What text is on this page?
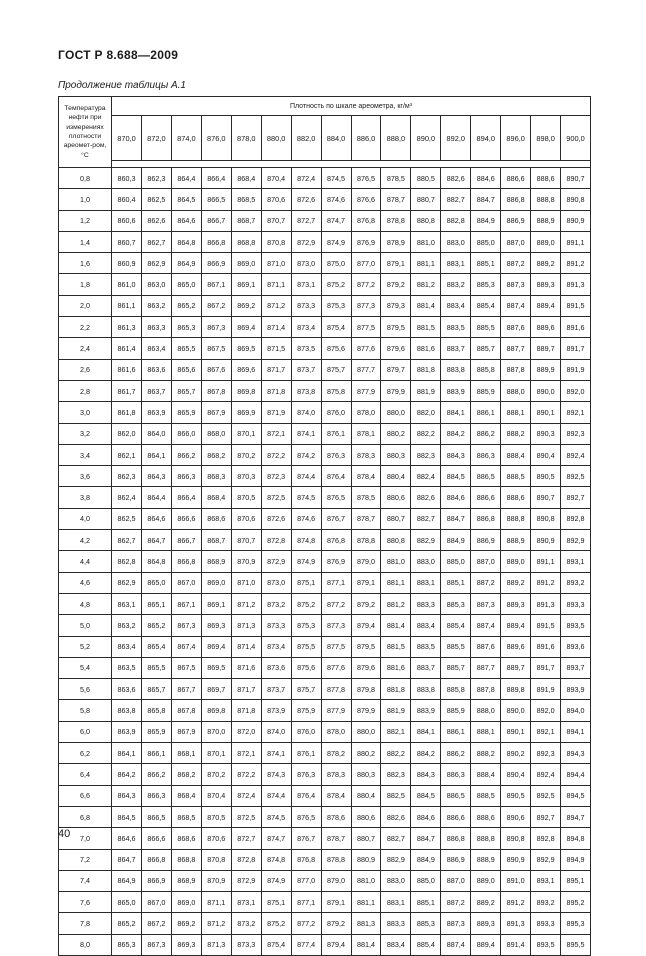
ГОСТ Р 8.688—2009
Продолжение таблицы А.1
Температура нефти при измерениях плотности ареомет-ром, °С	Плотность по шкале ареометра, кг/м³															
	870,0	872,0	874,0	876,0	878,0	880,0	882,0	884,0	886,0	888,0	890,0	892,0	894,0	896,0	898,0	900,0

0,8	860,3	862,3	864,4	866,4	868,4	870,4	872,4	874,5	876,5	878,5	880,5	882,6	884,6	886,6	888,6	890,7
1,0	860,4	862,5	864,5	866,5	868,5	870,6	872,6	874,6	876,6	878,7	880,7	882,7	884,7	886,8	888,8	890,8
1,2	860,6	862,6	864,6	866,7	868,7	870,7	872,7	874,7	876,8	878,8	880,8	882,8	884,9	886,9	888,9	890,9
1,4	860,7	862,7	864,8	866,8	868,8	870,8	872,9	874,9	876,9	878,9	881,0	883,0	885,0	887,0	889,0	891,1
1,6	860,9	862,9	864,9	866,9	869,0	871,0	873,0	875,0	877,0	879,1	881,1	883,1	885,1	887,2	889,2	891,2
1,8	861,0	863,0	865,0	867,1	869,1	871,1	873,1	875,2	877,2	879,2	881,2	883,2	885,3	887,3	889,3	891,3
2,0	861,1	863,2	865,2	867,2	869,2	871,2	873,3	875,3	877,3	879,3	881,4	883,4	885,4	887,4	889,4	891,5
2,2	861,3	863,3	865,3	867,3	869,4	871,4	873,4	875,4	877,5	879,5	881,5	883,5	885,5	887,6	889,6	891,6
2,4	861,4	863,4	865,5	867,5	869,5	871,5	873,5	875,6	877,6	879,6	881,6	883,7	885,7	887,7	889,7	891,7
2,6	861,6	863,6	865,6	867,6	869,6	871,7	873,7	875,7	877,7	879,7	881,8	883,8	885,8	887,8	889,9	891,9
2,8	861,7	863,7	865,7	867,8	869,8	871,8	873,8	875,8	877,9	879,9	881,9	883,9	885,9	888,0	890,0	892,0
3,0	861,8	863,9	865,9	867,9	869,9	871,9	874,0	876,0	878,0	880,0	882,0	884,1	886,1	888,1	890,1	892,1
3,2	862,0	864,0	866,0	868,0	870,1	872,1	874,1	876,1	878,1	880,2	882,2	884,2	886,2	888,2	890,3	892,3
3,4	862,1	864,1	866,2	868,2	870,2	872,2	874,2	876,3	878,3	880,3	882,3	884,3	886,3	888,4	890,4	892,4
3,6	862,3	864,3	866,3	868,3	870,3	872,3	874,4	876,4	878,4	880,4	882,4	884,5	886,5	888,5	890,5	892,5
3,8	862,4	864,4	866,4	868,4	870,5	872,5	874,5	876,5	878,5	880,6	882,6	884,6	886,6	888,6	890,7	892,7
4,0	862,5	864,6	866,6	868,6	870,6	872,6	874,6	876,7	878,7	880,7	882,7	884,7	886,8	888,8	890,8	892,8
4,2	862,7	864,7	866,7	868,7	870,7	872,8	874,8	876,8	878,8	880,8	882,9	884,9	886,9	888,9	890,9	892,9
4,4	862,8	864,8	866,8	868,9	870,9	872,9	874,9	876,9	879,0	881,0	883,0	885,0	887,0	889,0	891,1	893,1
4,6	862,9	865,0	867,0	869,0	871,0	873,0	875,1	877,1	879,1	881,1	883,1	885,1	887,2	889,2	891,2	893,2
4,8	863,1	865,1	867,1	869,1	871,2	873,2	875,2	877,2	879,2	881,2	883,3	885,3	887,3	889,3	891,3	893,3
5,0	863,2	865,2	867,3	869,3	871,3	873,3	875,3	877,3	879,4	881,4	883,4	885,4	887,4	889,4	891,5	893,5
5,2	863,4	865,4	867,4	869,4	871,4	873,4	875,5	877,5	879,5	881,5	883,5	885,5	887,6	889,6	891,6	893,6
5,4	863,5	865,5	867,5	869,5	871,6	873,6	875,6	877,6	879,6	881,6	883,7	885,7	887,7	889,7	891,7	893,7
5,6	863,6	865,7	867,7	869,7	871,7	873,7	875,7	877,8	879,8	881,8	883,8	885,8	887,8	889,8	891,9	893,9
5,8	863,8	865,8	867,8	869,8	871,8	873,9	875,9	877,9	879,9	881,9	883,9	885,9	888,0	890,0	892,0	894,0
6,0	863,9	865,9	867,9	870,0	872,0	874,0	876,0	878,0	880,0	882,1	884,1	886,1	888,1	890,1	892,1	894,1
6,2	864,1	866,1	868,1	870,1	872,1	874,1	876,1	878,2	880,2	882,2	884,2	886,2	888,2	890,2	892,3	894,3
6,4	864,2	866,2	868,2	870,2	872,2	874,3	876,3	878,3	880,3	882,3	884,3	886,3	888,4	890,4	892,4	894,4
6,6	864,3	866,3	868,4	870,4	872,4	874,4	876,4	878,4	880,4	882,5	884,5	886,5	888,5	890,5	892,5	894,5
6,8	864,5	866,5	868,5	870,5	872,5	874,5	876,5	878,6	880,6	882,6	884,6	886,6	888,6	890,6	892,7	894,7
7,0	864,6	866,6	868,6	870,6	872,7	874,7	876,7	878,7	880,7	882,7	884,7	886,8	888,8	890,8	892,8	894,8
7,2	864,7	866,8	868,8	870,8	872,8	874,8	876,8	878,8	880,9	882,9	884,9	886,9	888,9	890,9	892,9	894,9
7,4	864,9	866,9	868,9	870,9	872,9	874,9	877,0	879,0	881,0	883,0	885,0	887,0	889,0	891,0	893,1	895,1
7,6	865,0	867,0	869,0	871,1	873,1	875,1	877,1	879,1	881,1	883,1	885,1	887,2	889,2	891,2	893,2	895,2
7,8	865,2	867,2	869,2	871,2	873,2	875,2	877,2	879,2	881,3	883,3	885,3	887,3	889,3	891,3	893,3	895,3
8,0	865,3	867,3	869,3	871,3	873,3	875,4	877,4	879,4	881,4	883,4	885,4	887,4	889,4	891,4	893,5	895,5
40
